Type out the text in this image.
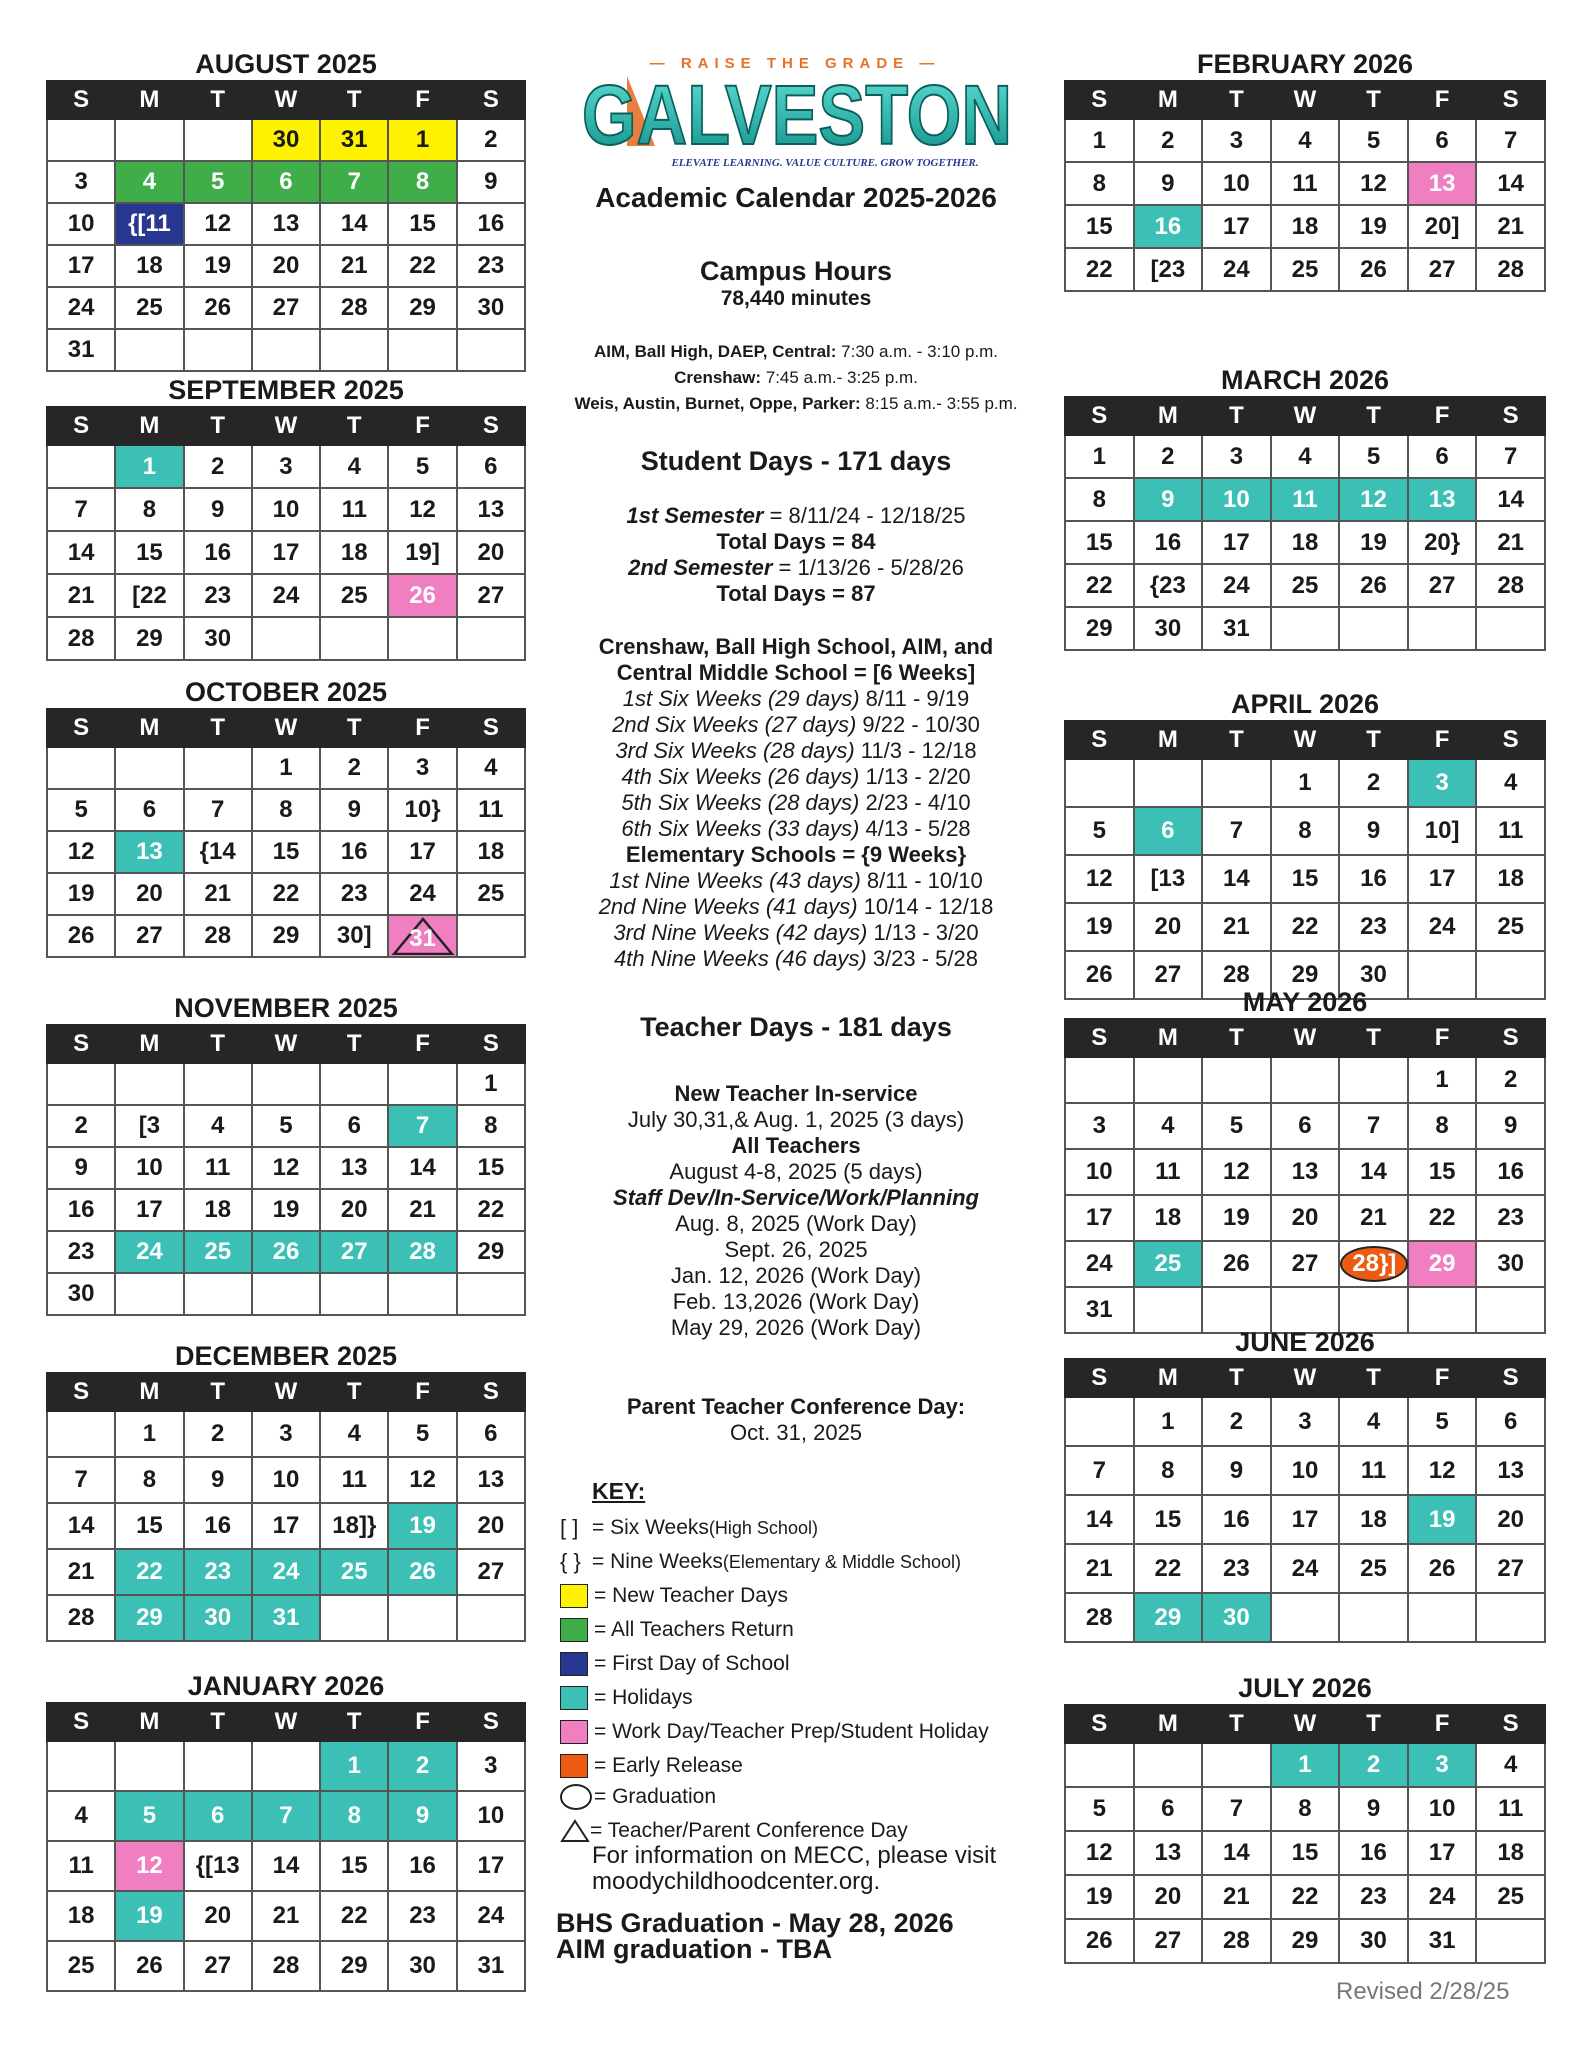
AUGUST 2025
S	M	T	W	T	F	S
			30	31	1	2
3	4	5	6	7	8	9
10	{[11	12	13	14	15	16
17	18	19	20	21	22	23
24	25	26	27	28	29	30
31						
SEPTEMBER 2025
S	M	T	W	T	F	S
	1	2	3	4	5	6
7	8	9	10	11	12	13
14	15	16	17	18	19]	20
21	[22	23	24	25	26	27
28	29	30				
OCTOBER 2025
S	M	T	W	T	F	S
			1	2	3	4
5	6	7	8	9	10}	11
12	13	{14	15	16	17	18
19	20	21	22	23	24	25
26	27	28	29	30]	31	
NOVEMBER 2025
S	M	T	W	T	F	S
						1
2	[3	4	5	6	7	8
9	10	11	12	13	14	15
16	17	18	19	20	21	22
23	24	25	26	27	28	29
30						
DECEMBER 2025
S	M	T	W	T	F	S
	1	2	3	4	5	6
7	8	9	10	11	12	13
14	15	16	17	18]}	19	20
21	22	23	24	25	26	27
28	29	30	31			
JANUARY 2026
S	M	T	W	T	F	S
				1	2	3
4	5	6	7	8	9	10
11	12	{[13	14	15	16	17
18	19	20	21	22	23	24
25	26	27	28	29	30	31
FEBRUARY 2026
S	M	T	W	T	F	S
1	2	3	4	5	6	7
8	9	10	11	12	13	14
15	16	17	18	19	20]	21
22	[23	24	25	26	27	28
MARCH 2026
S	M	T	W	T	F	S
1	2	3	4	5	6	7
8	9	10	11	12	13	14
15	16	17	18	19	20}	21
22	{23	24	25	26	27	28
29	30	31				
APRIL 2026
S	M	T	W	T	F	S
			1	2	3	4
5	6	7	8	9	10]	11
12	[13	14	15	16	17	18
19	20	21	22	23	24	25
26	27	28	29	30		
MAY 2026
S	M	T	W	T	F	S
					1	2
3	4	5	6	7	8	9
10	11	12	13	14	15	16
17	18	19	20	21	22	23
24	25	26	27	28}]	29	30
31						
JUNE 2026
S	M	T	W	T	F	S
	1	2	3	4	5	6
7	8	9	10	11	12	13
14	15	16	17	18	19	20
21	22	23	24	25	26	27
28	29	30				
JULY 2026
S	M	T	W	T	F	S
			1	2	3	4
5	6	7	8	9	10	11
12	13	14	15	16	17	18
19	20	21	22	23	24	25
26	27	28	29	30	31	
— RAISE THE GRADE —
GALVESTON
ELEVATE LEARNING. VALUE CULTURE. GROW TOGETHER.
Academic Calendar 2025-2026
Campus Hours
78,440 minutes
AIM, Ball High, DAEP, Central: 7:30 a.m. - 3:10 p.m.
Crenshaw: 7:45 a.m.- 3:25 p.m.
Weis, Austin, Burnet, Oppe, Parker: 8:15 a.m.- 3:55 p.m.
Student Days - 171 days
1st Semester = 8/11/24 - 12/18/25
Total Days = 84
2nd Semester = 1/13/26 - 5/28/26
Total Days = 87
Crenshaw, Ball High School, AIM, and
Central Middle School = [6 Weeks]
1st Six Weeks (29 days) 8/11 - 9/19
2nd Six Weeks (27 days) 9/22 - 10/30
3rd Six Weeks (28 days) 11/3 - 12/18
4th Six Weeks (26 days) 1/13 - 2/20
5th Six Weeks (28 days) 2/23 - 4/10
6th Six Weeks (33 days) 4/13 - 5/28
Elementary Schools = {9 Weeks}
1st Nine Weeks (43 days) 8/11 - 10/10
2nd Nine Weeks (41 days) 10/14 - 12/18
3rd Nine Weeks (42 days) 1/13 - 3/20
4th Nine Weeks (46 days) 3/23 - 5/28
Teacher Days - 181 days
New Teacher In-service
July 30,31,& Aug. 1, 2025 (3 days)
All Teachers
August 4-8, 2025 (5 days)
Staff Dev/In-Service/Work/Planning
Aug. 8, 2025 (Work Day)
Sept. 26, 2025
Jan. 12, 2026 (Work Day)
Feb. 13,2026 (Work Day)
May 29, 2026 (Work Day)
Parent Teacher Conference Day:
Oct. 31, 2025
KEY:
[ ] = Six Weeks (High School)
{ } = Nine Weeks (Elementary & Middle School)
= New Teacher Days
= All Teachers Return
= First Day of School
= Holidays
= Work Day/Teacher Prep/Student Holiday
= Early Release
= Graduation
= Teacher/Parent Conference Day
For information on MECC, please visit
moodychildhoodcenter.org.
BHS Graduation - May 28, 2026
AIM graduation - TBA
Revised 2/28/25
